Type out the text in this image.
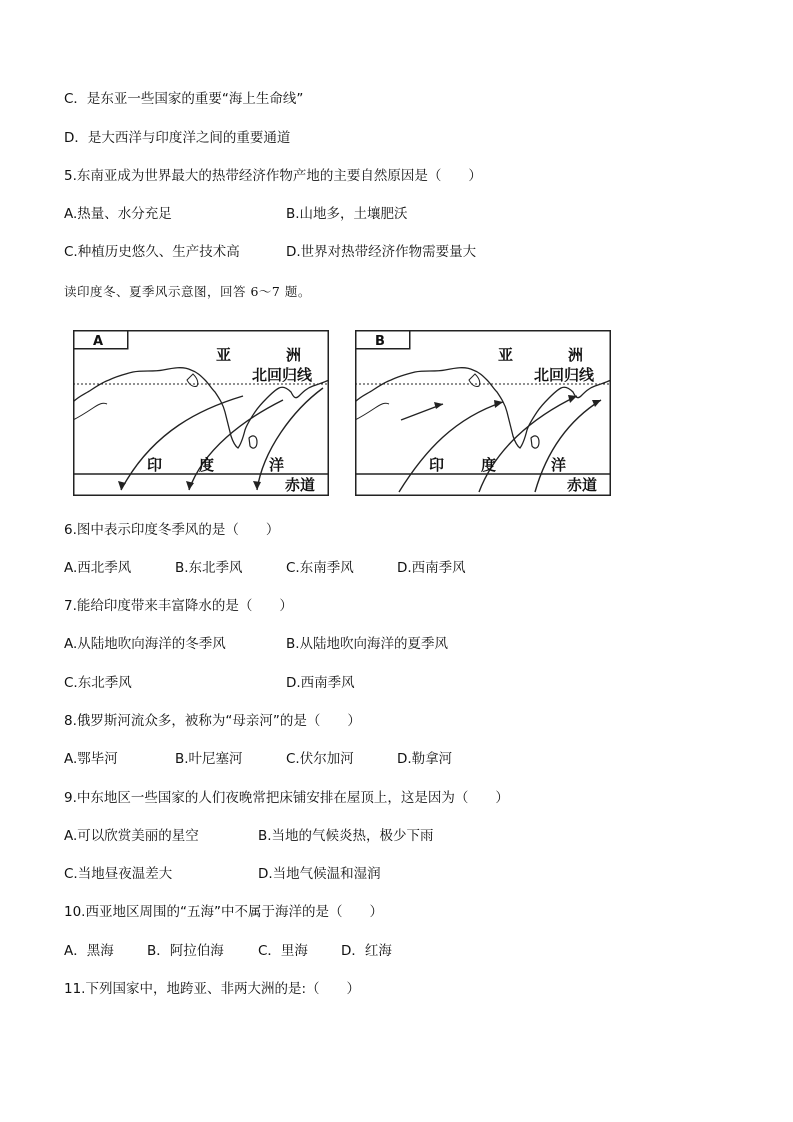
C．是东亚一些国家的重要“海上生命线”
D．是大西洋与印度洋之间的重要通道
5.东南亚成为世界最大的热带经济作物产地的主要自然原因是（　　）
A.热量、水分充足	B.山地多，土壤肥沃
C.种植历史悠久、生产技术高	D.世界对热带经济作物需要量大
读印度冬、夏季风示意图，回答 6～7 题。
A
亚	洲
北回归线
印 度	洋
赤道
B
亚	洲
北回归线
印 度	洋
赤道
6.图中表示印度冬季风的是（　　）
A.西北季风	B.东北季风	C.东南季风	D.西南季风
7.能给印度带来丰富降水的是（　　）
A.从陆地吹向海洋的冬季风	B.从陆地吹向海洋的夏季风
C.东北季风	D.西南季风
8.俄罗斯河流众多，被称为“母亲河”的是（　　）
A.鄂毕河	B.叶尼塞河	C.伏尔加河	D.勒拿河
9.中东地区一些国家的人们夜晚常把床铺安排在屋顶上，这是因为（　　）
A.可以欣赏美丽的星空	B.当地的气候炎热，极少下雨
C.当地昼夜温差大	D.当地气候温和湿润
10.西亚地区周围的“五海”中不属于海洋的是（　　）
A．黑海 B．阿拉伯海	C．里海 D．红海
11.下列国家中，地跨亚、非两大洲的是:（　　）
